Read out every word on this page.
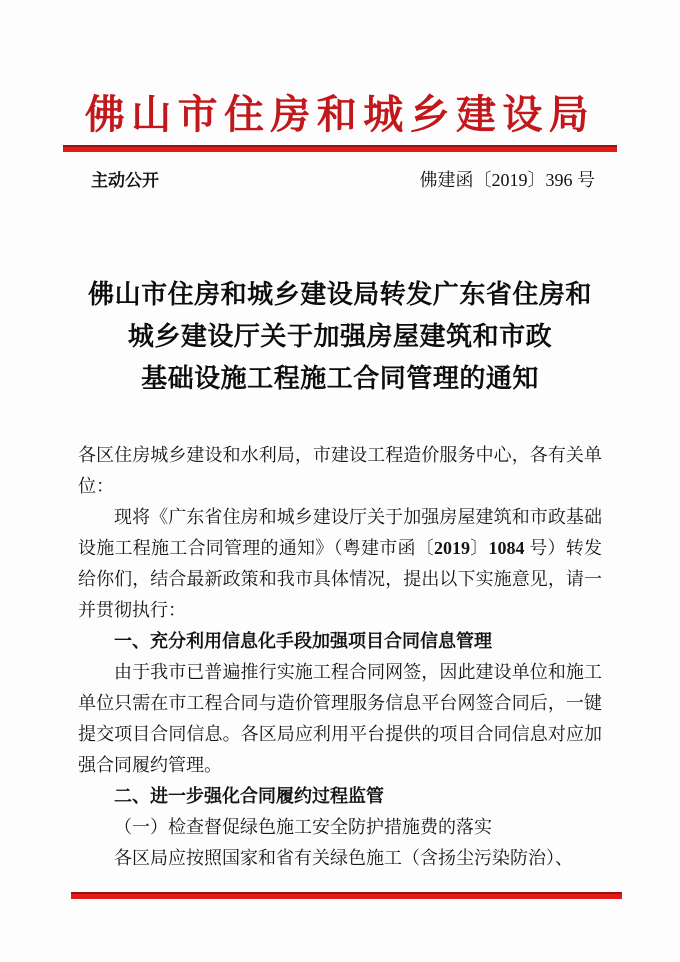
佛山市住房和城乡建设局
主动公开	佛建函〔2019〕396 号
佛山市住房和城乡建设局转发广东省住房和
城乡建设厅关于加强房屋建筑和市政
基础设施工程施工合同管理的通知

各区住房城乡建设和水利局，市建设工程造价服务中心，各有关单位：

现将《广东省住房和城乡建设厅关于加强房屋建筑和市政基础设施工程施工合同管理的通知》（粤建市函〔2019〕1084 号）转发给你们，结合最新政策和我市具体情况，提出以下实施意见，请一并贯彻执行：

一、充分利用信息化手段加强项目合同信息管理

由于我市已普遍推行实施工程合同网签，因此建设单位和施工单位只需在市工程合同与造价管理服务信息平台网签合同后，一键提交项目合同信息。各区局应利用平台提供的项目合同信息对应加强合同履约管理。

二、进一步强化合同履约过程监管

（一）检查督促绿色施工安全防护措施费的落实

各区局应按照国家和省有关绿色施工（含扬尘污染防治）、
